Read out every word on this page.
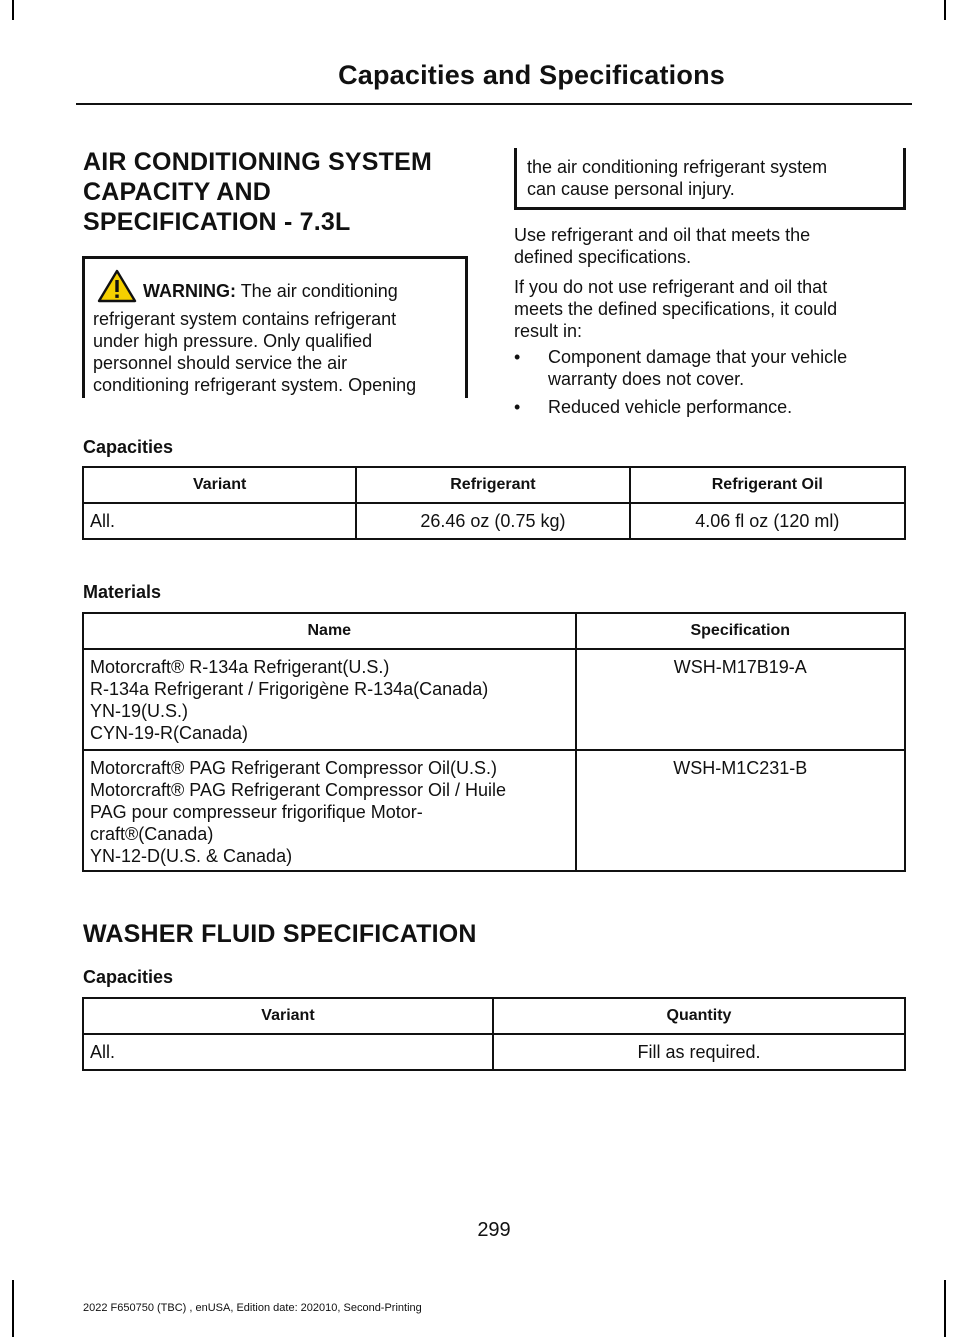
Capacities and Specifications
AIR CONDITIONING SYSTEM
CAPACITY AND
SPECIFICATION - 7.3L
WARNING: The air conditioning
refrigerant system contains refrigerant
under high pressure. Only qualified
personnel should service the air
conditioning refrigerant system. Opening
the air conditioning refrigerant system
can cause personal injury.
Use refrigerant and oil that meets the
defined specifications.
If you do not use refrigerant and oil that
meets the defined specifications, it could
result in:
• Component damage that your vehicle
warranty does not cover.
• Reduced vehicle performance.
Capacities
Variant	Refrigerant	Refrigerant Oil
All.	26.46 oz (0.75 kg)	4.06 fl oz (120 ml)
Materials
Name	Specification

Motorcraft® R-134a Refrigerant(U.S.)
R-134a Refrigerant / Frigorigène R-134a(Canada)
YN-19(U.S.)
CYN-19-R(Canada)	WSH-M17B19-A

Motorcraft® PAG Refrigerant Compressor Oil(U.S.)
Motorcraft® PAG Refrigerant Compressor Oil / Huile
PAG pour compresseur frigorifique Motor-
craft®(Canada)
YN-12-D(U.S. & Canada)	WSH-M1C231-B
WASHER FLUID SPECIFICATION
Capacities
Variant	Quantity
All.	Fill as required.
299
2022 F650750 (TBC) , enUSA, Edition date: 202010, Second-Printing
